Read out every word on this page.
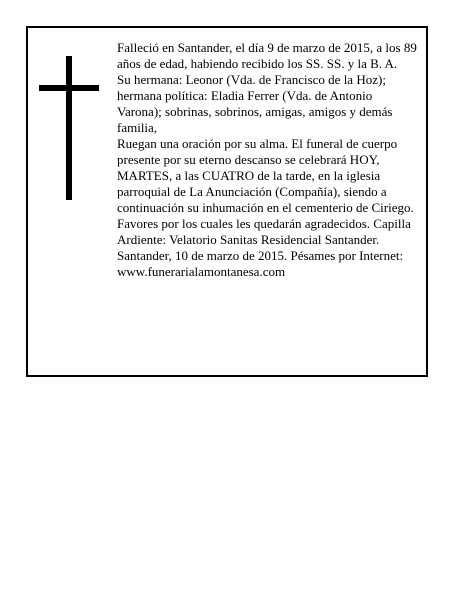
Falleció en Santander, el día 9 de marzo de 2015, a los 89 años de edad, habiendo recibido los SS. SS. y la B. A.

Su hermana: Leonor (Vda. de Francisco de la Hoz); hermana política: Eladia Ferrer (Vda. de Antonio Varona); sobrinas, sobrinos, amigas, amigos y demás familia,

Ruegan una oración por su alma. El funeral de cuerpo presente por su eterno descanso se celebrará HOY, MARTES, a las CUATRO de la tarde, en la iglesia parroquial de La Anunciación (Compañía), siendo a continuación su inhumación en el cementerio de Ciriego. Favores por los cuales les quedarán agradecidos. Capilla Ardiente: Velatorio Sanitas Residencial Santander.

Santander, 10 de marzo de 2015. Pésames por Internet: www.funerarialamontanesa.com
